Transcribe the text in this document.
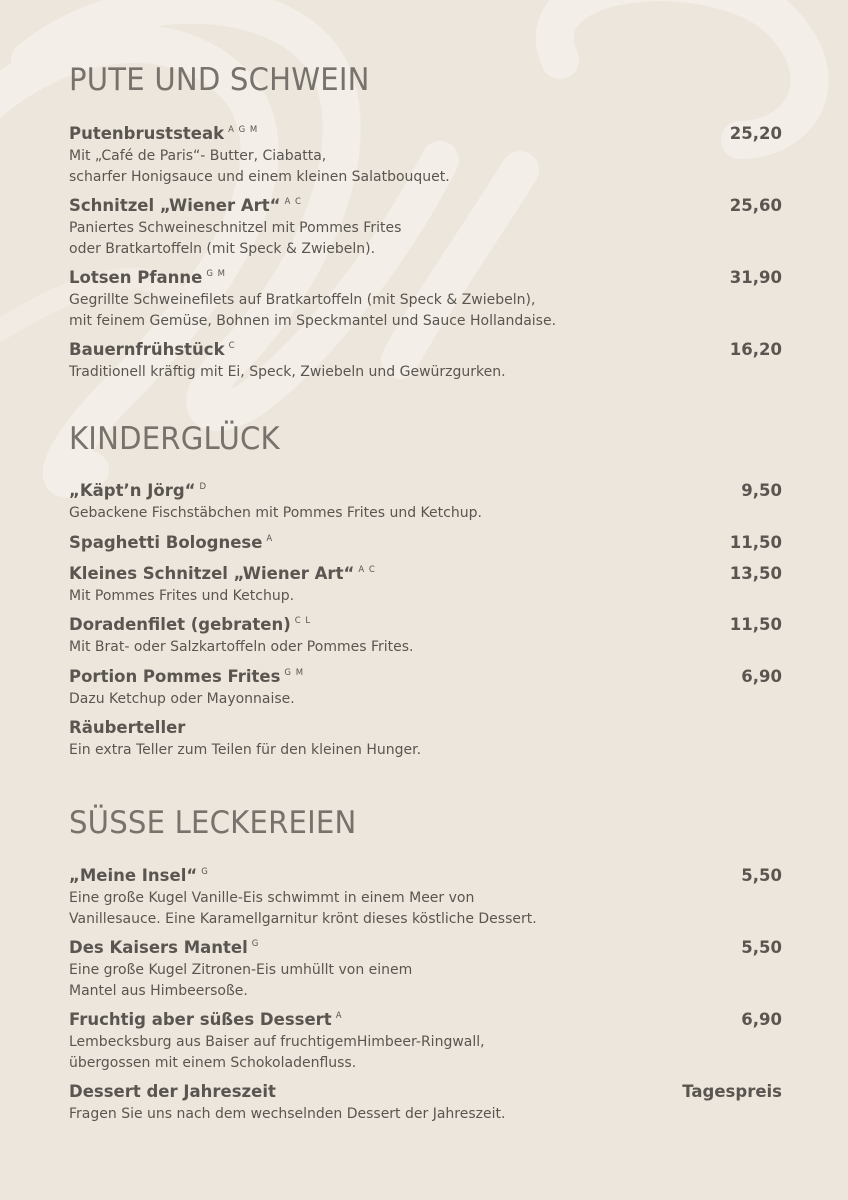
PUTE UND SCHWEIN
Putenbruststeak $^{A G M}$	25,20
Mit „Café de Paris“- Butter, Ciabatta,
scharfer Honigsauce und einem kleinen Salatbouquet.
Schnitzel „Wiener Art“ $^{A C}$	25,60
Paniertes Schweineschnitzel mit Pommes Frites
oder Bratkartoffeln (mit Speck & Zwiebeln).
Lotsen Pfanne $^{G M}$	31,90
Gegrillte Schweinefilets auf Bratkartoffeln (mit Speck & Zwiebeln),
mit feinem Gemüse, Bohnen im Speckmantel und Sauce Hollandaise.
Bauernfrühstück $^C$	16,20
Traditionell kräftig mit Ei, Speck, Zwiebeln und Gewürzgurken.
KINDERGLÜCK
„Käpt’n Jörg“ $^D$	9,50
Gebackene Fischstäbchen mit Pommes Frites und Ketchup.
Spaghetti Bolognese $^A$	11,50
Kleines Schnitzel „Wiener Art“ $^{A C}$	13,50
Mit Pommes Frites und Ketchup.
Doradenfilet (gebraten) $^{C L}$	11,50
Mit Brat- oder Salzkartoffeln oder Pommes Frites.
Portion Pommes Frites $^{G M}$	6,90
Dazu Ketchup oder Mayonnaise.
Räuberteller
Ein extra Teller zum Teilen für den kleinen Hunger.
SÜSSE LECKEREIEN
„Meine Insel“ $^G$	5,50
Eine große Kugel Vanille-Eis schwimmt in einem Meer von
Vanillesauce. Eine Karamellgarnitur krönt dieses köstliche Dessert.
Des Kaisers Mantel $^G$	5,50
Eine große Kugel Zitronen-Eis umhüllt von einem
Mantel aus Himbeersoße.
Fruchtig aber süßes Dessert $^A$	6,90
Lembecksburg aus Baiser auf fruchtigemHimbeer-Ringwall,
übergossen mit einem Schokoladenfluss.
Dessert der Jahreszeit	Tagespreis
Fragen Sie uns nach dem wechselnden Dessert der Jahreszeit.
